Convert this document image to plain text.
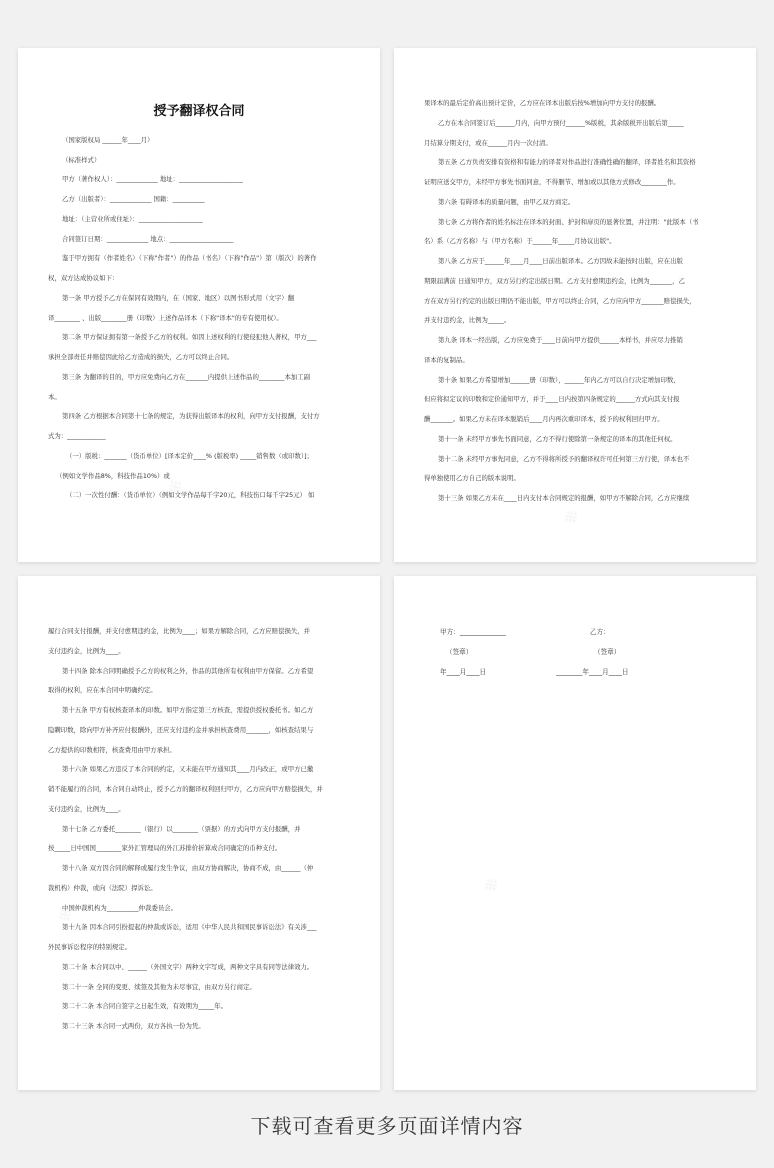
授予翻译权合同
（国家版权局 ______年____月）
（标准样式）
甲方（著作权人）：_____________ 地址：____________________
乙方（出版者）：_____________ 国籍：__________
地址：（主营业所或住址）：____________________
合同签订日期：_____________ 地点：____________________
鉴于甲方拥有（作者姓名）（下称"作者"）的作品（书名）（下称"作品"）第（版次）的著作
权，双方达成协议如下：
第一条 甲方授予乙方在保同有效期内，在（国家、地区）以图书形式用（文字）翻
译________ 、出版________册（印数）上述作品译本（下称"译本"的专有使用权）。
第二条 甲方保证拥有第一条授予乙方的权利。如因上述权利的行使侵犯他人著权，甲方___
承担全部责任并赔偿因此给乙方造成的损失，乙方可以终止合同。
第三条 为翻译的目的，甲方应免费向乙方在_______内提供上述作品的________本加工副
本。
第四条 乙方根据本合同第十七条的规定，为获得出版译本的权利，向甲方支付报酬，支付方
式为：____________
（一）版税：_______（货币单位）[译本定价____% (版税率) _____销售数（或印数）]；
（例如文学作品8%，科技作品10%）或
（二）一次性付酬：（货币单位）（例如文学作品每千字20元，科技伤口每千字25元） 如
果译本的最后定价高出预计定价，乙方应在译本出版后按%增加向甲方支付的报酬。
乙方在本合同签订后______月内，向甲方预付______%版税，其余版税开出版后第_____
月结算分期支付，或在______月内一次付清。
第五条 乙方负责安排有资格和有能力的译者对作品进行准确性确的翻译，译者姓名和其资格
证明应送交甲方，未经甲方事先书面同意，不得删节、增加或以其他方式修改________作。
第六条 有碍译本的质量问题，由甲乙双方商定。
第七条 乙方将作者的姓名标注在译本的封面、护封和扉页的显著位置，并注明："此版本（书
名）系（乙方名称）与（甲方名称）于______年_____月协议出版"。
第八条 乙方应于______年____月____日前出版译本。乙方因故未能按时出版，应在出版
期限届满前 日通知甲方，双方另行约定出版日期。乙方支付愈期违约金，比例为_______，乙
方在双方另行约定的出版日期仍不能出版，甲方可以终止合同，乙方应向甲方_______赔偿损失，
并支付违约金，比例为_____。
第九条 译本一经出版，乙方应免费于____日前向甲方提供______本样书，并应尽力推销
译本的复制品。
第十条 如果乙方希望增加______册（印数），______年内乙方可以自行决定增加印数，
但应将拟定议的印数和定价通知甲方，并于____日内按第四条规定的______方式向其支付报
酬_______。如果乙方未在译本脱销后____月内再次重印译本，授予的权利回归甲方。
第十一条 未经甲方事先书面同意，乙方不得行使除第一条规定的译本的其他任何权。
第十二条 未经甲方事先同意，乙方不得将所授予的翻译权许可任何第三方行使，译本也不
得单独使用乙方自己的版本说明。
第十三条 如果乙方未在____日内支付本合同规定的报酬，如甲方不解除合同，乙方应继续
履行合同支付报酬，并支付愈期违约金，比例为____；如果方解除合同，乙方应赔偿损失，并
支付违约金，比例为____。
第十四条 除本合同明确授予乙方的权利之外，作品的其他所有权利由甲方保留。乙方希望
取得的权利，应在本合同中明确约定。
第十五条 甲方有权核查译本的印数。如甲方指定第三方核查，需提供授权委托书。如乙方
隐瞒印数，除向甲方补齐应付报酬外，还应支付违约金并承担核查费用_______，如核查结果与
乙方提供的印数相符，核查费用由甲方承担。
第十六条 如果乙方违反了本合同的约定，又未能在甲方通知其____月内改正，或甲方已撤
销不能履行的合同，本合同自动终止，授予乙方的翻译权利回归甲方，乙方应向甲方赔偿损失，并
支付违约金，比例为____。
第十七条 乙方委托________（银行）以________（票据）的方式向甲方支付报酬，并
按_____日中国国________家外汇管理局的外江苏排价折算成合同确定的币种支付。
第十八条 双方因合同的解释或履行发生争议，由双方协商解决，协商不成，由______（仲
裁机构）仲裁，或向（法院）捍诉讼。
中国仲裁机构为__________仲裁委员会。
第十九条 因本合同引扮提起的仲裁或诉讼，适用《中华人民共和国民事诉讼法》有关涉___
外民事诉讼程序的特别规定。
第二十条 本合同以中、______（外国文字）两种文字写成，两种文字具有同等法律效力。
第二十一条 全同的变更、续签及其他为未尽事宜，由双方另行商定。
第二十二条 本合同自签字之日起生效，有效期为_____年。
第二十三条 本合同一式两份，双方各执一份为凭。
甲方：______________	乙方：
（签章）	（签章）
年____月____日	________年____月____日
下载可查看更多页面详情内容
